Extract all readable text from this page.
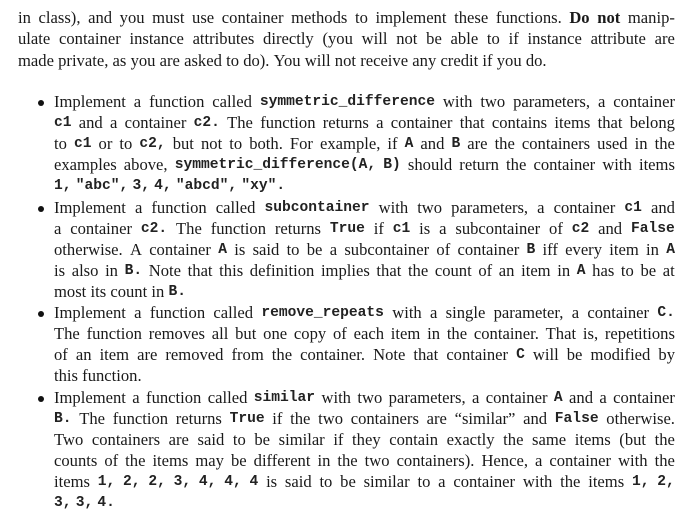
in class), and you must use container methods to implement these functions. Do not manip-
ulate container instance attributes directly (you will not be able to if instance attribute are
made private, as you are asked to do). You will not receive any credit if you do.
Implement a function called symmetric_difference with two parameters, a container
c1 and a container c2. The function returns a container that contains items that belong
to c1 or to c2, but not to both. For example, if A and B are the containers used in the
examples above, symmetric_difference(A, B) should return the container with items
1, "abc", 3, 4, "abcd", "xy".
Implement a function called subcontainer with two parameters, a container c1 and
a container c2. The function returns True if c1 is a subcontainer of c2 and False
otherwise. A container A is said to be a subcontainer of container B iff every item in A
is also in B. Note that this definition implies that the count of an item in A has to be at
most its count in B.
Implement a function called remove_repeats with a single parameter, a container C.
The function removes all but one copy of each item in the container. That is, repetitions
of an item are removed from the container. Note that container C will be modified by
this function.
Implement a function called similar with two parameters, a container A and a container
B. The function returns True if the two containers are “similar” and False otherwise.
Two containers are said to be similar if they contain exactly the same items (but the
counts of the items may be different in the two containers). Hence, a container with the
items 1, 2, 2, 3, 4, 4, 4 is said to be similar to a container with the items 1, 2,
3, 3, 4.
